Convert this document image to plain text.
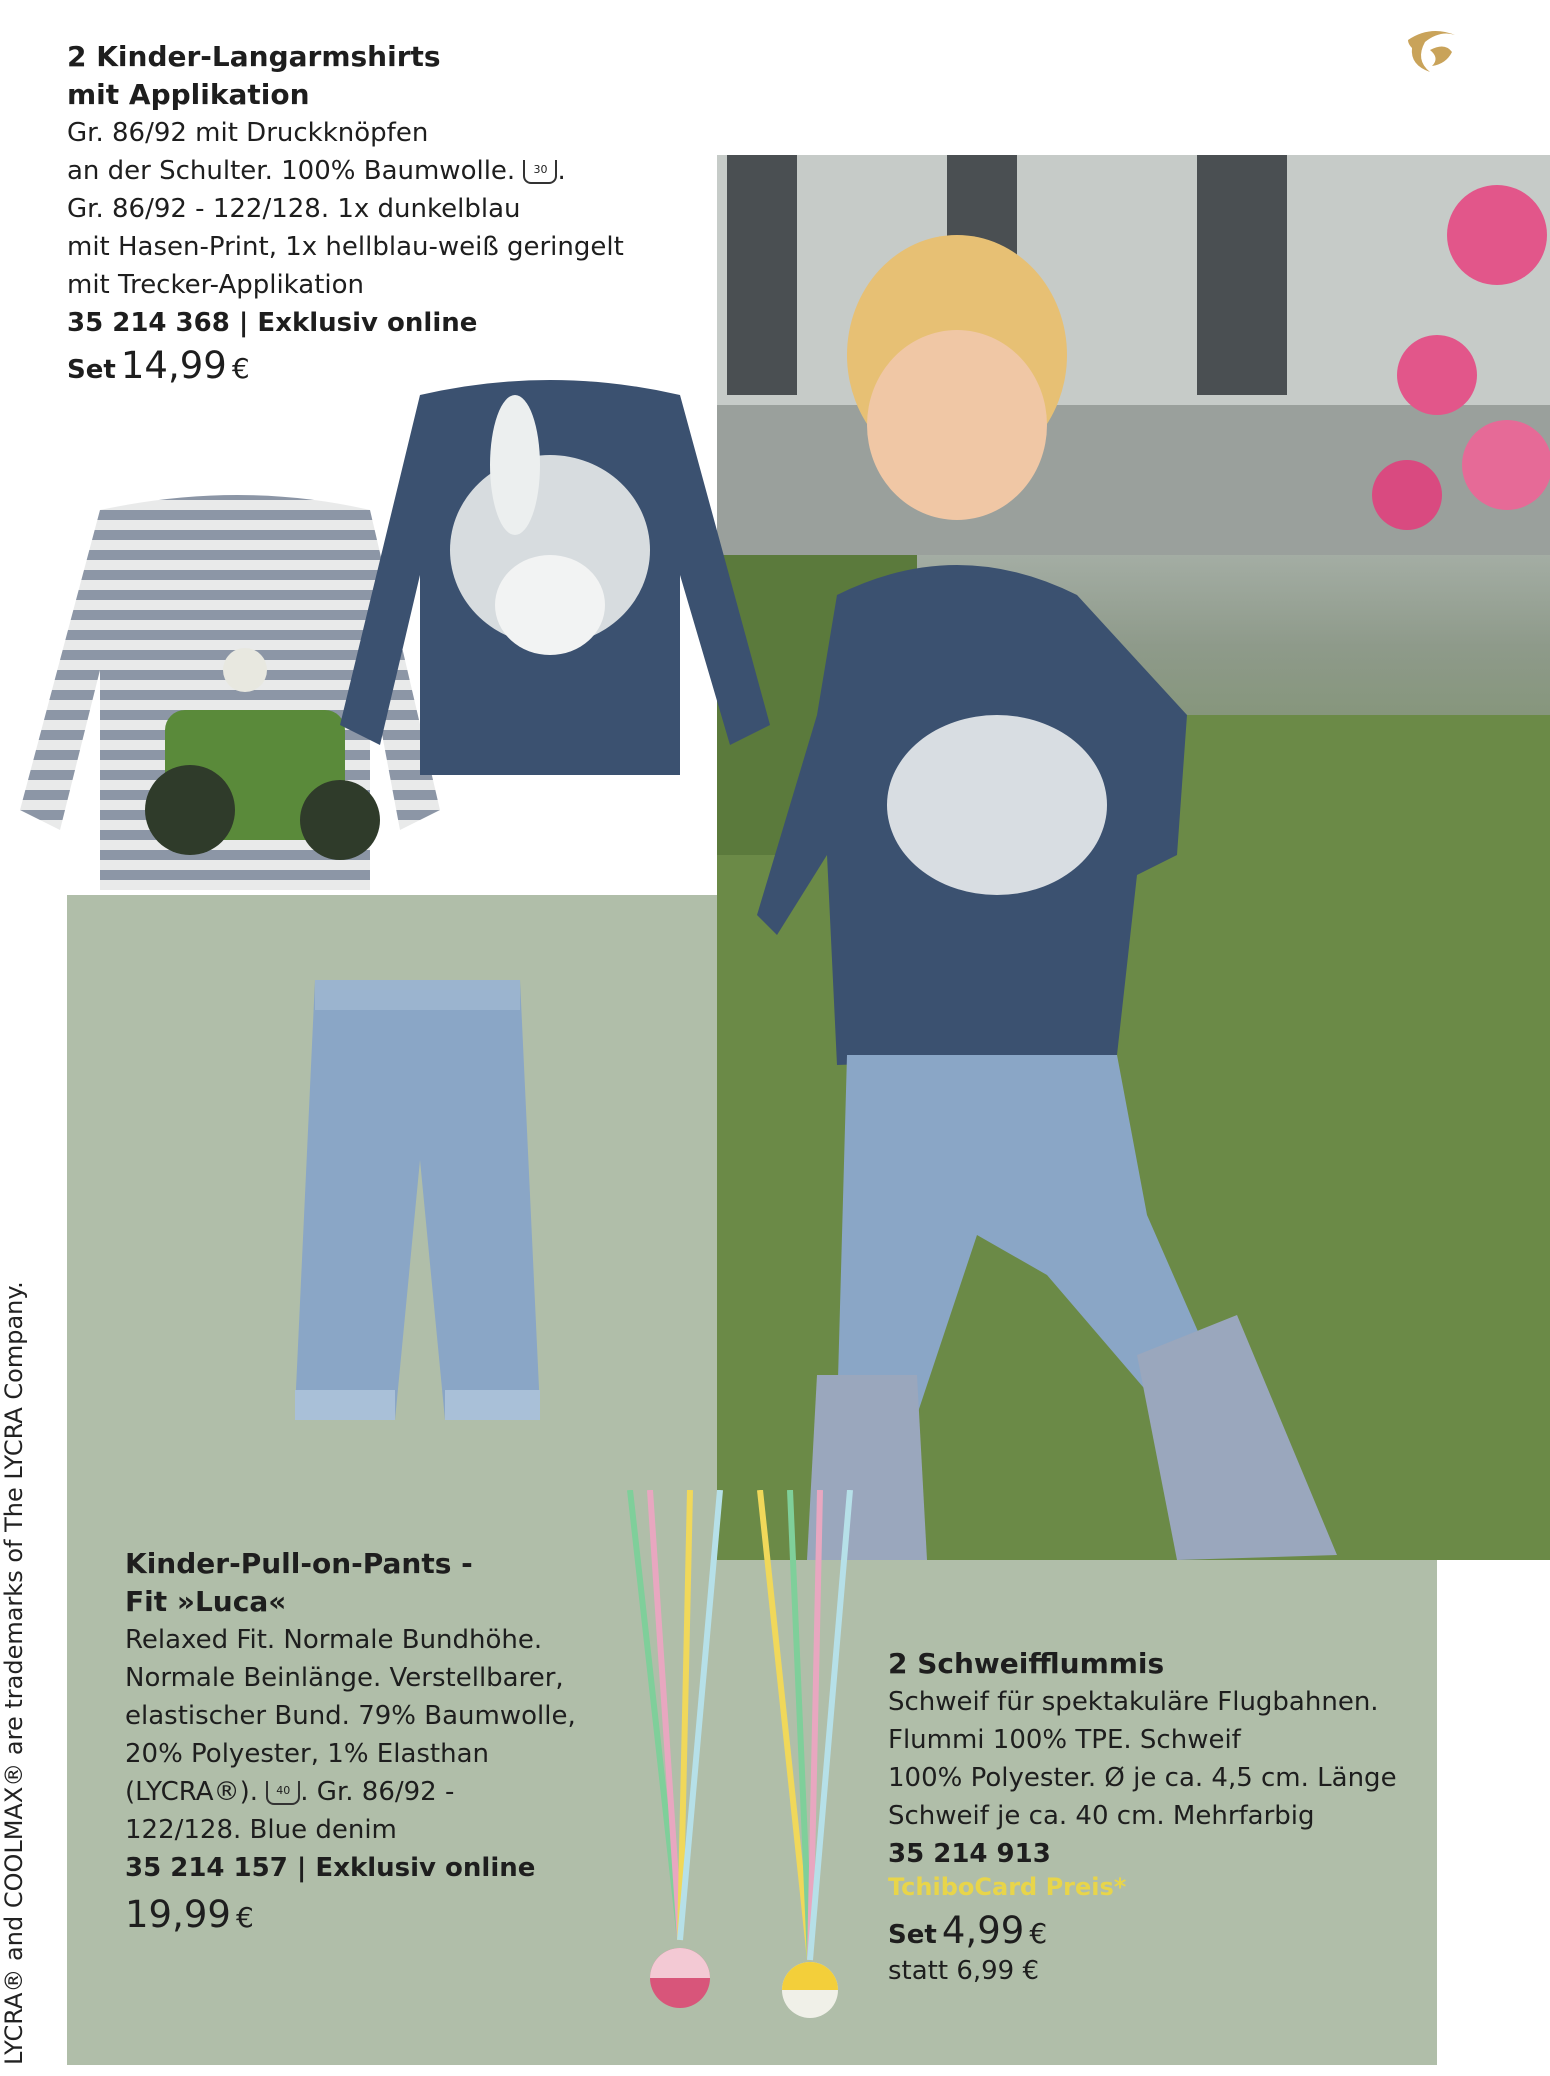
2 Kinder-Langarmshirts
mit Applikation
Gr. 86/92 mit Druckknöpfen
an der Schulter. 100% Baumwolle. 30 .
Gr. 86/92 - 122/128. 1x dunkelblau
mit Hasen-Print, 1x hellblau-weiß geringelt
mit Trecker-Applikation
35 214 368 | Exklusiv online
Set 14,99 €
Kinder-Pull-on-Pants -
Fit »Luca«
Relaxed Fit. Normale Bundhöhe.
Normale Beinlänge. Verstellbarer,
elastischer Bund. 79% Baumwolle,
20% Polyester, 1% Elasthan
(LYCRA®). 40 . Gr. 86/92 -
122/128. Blue denim
35 214 157 | Exklusiv online
19,99 €
2 Schweifflummis
Schweif für spektakuläre Flugbahnen.
Flummi 100% TPE. Schweif
100% Polyester. Ø je ca. 4,5 cm. Länge
Schweif je ca. 40 cm. Mehrfarbig
35 214 913
TchiboCard Preis*
Set 4,99 €
statt 6,99 €
LYCRA® and COOLMAX® are trademarks of The LYCRA Company.
